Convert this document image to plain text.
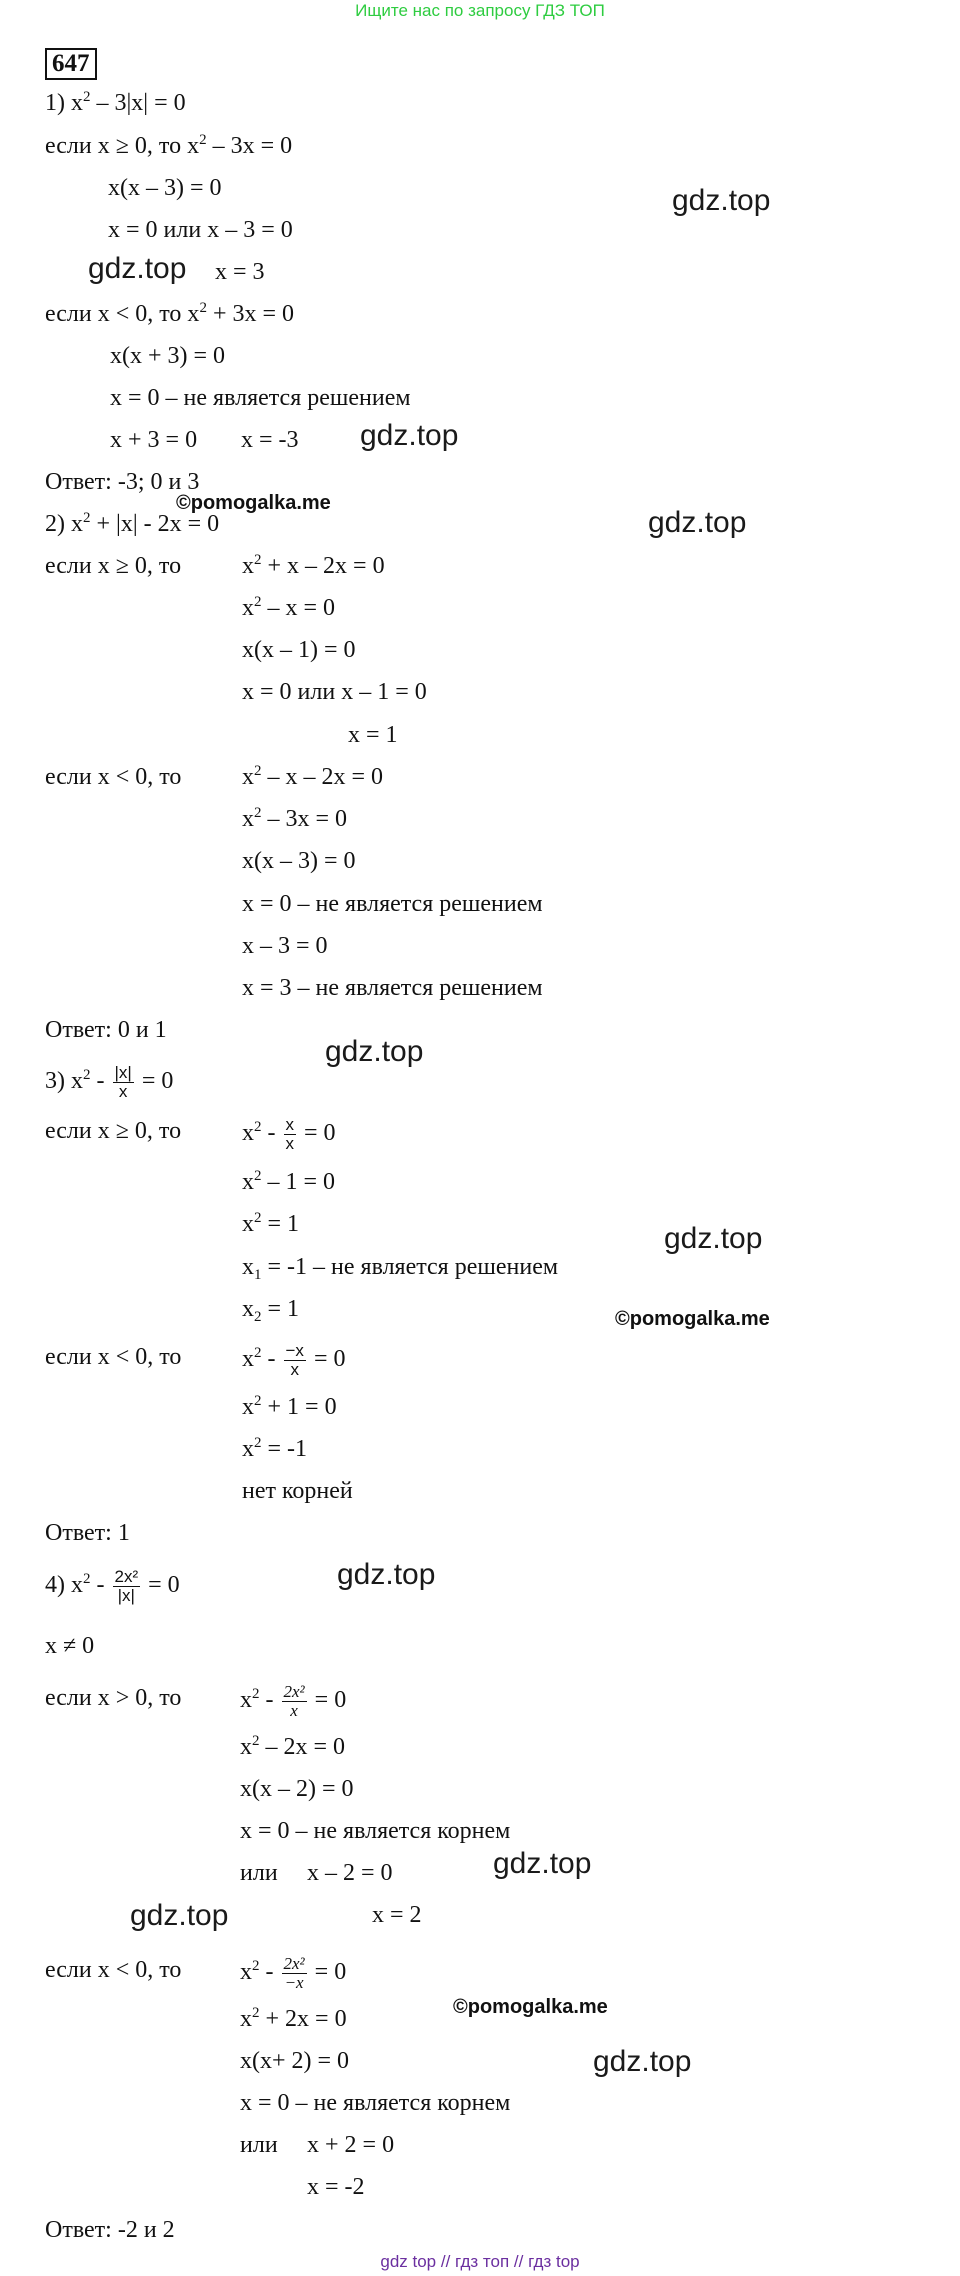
Ищите нас по запросу ГДЗ ТОП
647
1) $x^2 - 3|x| = 0$
если x ≥ 0, то $x^2 - 3x = 0$
x(x – 3) = 0
x = 0 или x – 3 = 0
x = 3
если x < 0, то $x^2 + 3x = 0$
x(x + 3) = 0
x = 0 – не является решением
x + 3 = 0 x = -3
Ответ: -3; 0 и 3
2) $x^2 + |x| - 2x = 0$
если x ≥ 0, то	$x^2 + x - 2x = 0$
$x^2 - x = 0$
x(x – 1) = 0
x = 0 или x – 1 = 0
x = 1
если x < 0, то	$x^2 - x - 2x = 0$
$x^2 - 3x = 0$
x(x – 3) = 0
x = 0 – не является решением
x – 3 = 0
x = 3 – не является решением
Ответ: 0 и 1
3) $x^2 - \frac{|x|}{x} = 0$
если x ≥ 0, то	$x^2 - \frac{x}{x} = 0$
$x^2 - 1 = 0$
$x^2 = 1$
$x_1 = -1$ – не является решением
$x_2 = 1$
если x < 0, то	$x^2 - \frac{-x}{x} = 0$
$x^2 + 1 = 0$
$x^2 = -1$
нет корней
Ответ: 1
4) $x^2 - \frac{\text{2x²}}{|x|} = 0$
x ≠ 0
если x > 0, то $x^2 - \frac{\text{2x²}}{x} = 0$
$x^2 - 2x = 0$
x(x – 2) = 0
x = 0 – не является корнем
или x – 2 = 0
x = 2
если x < 0, то $x^2 - \frac{\text{2x²}}{-x} = 0$
$x^2 + 2x = 0$
x(x+ 2) = 0
x = 0 – не является корнем
или x + 2 = 0
x = -2
Ответ: -2 и 2
gdz.top
gdz.top
gdz.top
gdz.top
gdz.top
gdz.top
gdz.top
gdz.top
gdz.top
gdz.top
©pomogalka.me
©pomogalka.me
©pomogalka.me
gdz top // гдз топ // гдз top
